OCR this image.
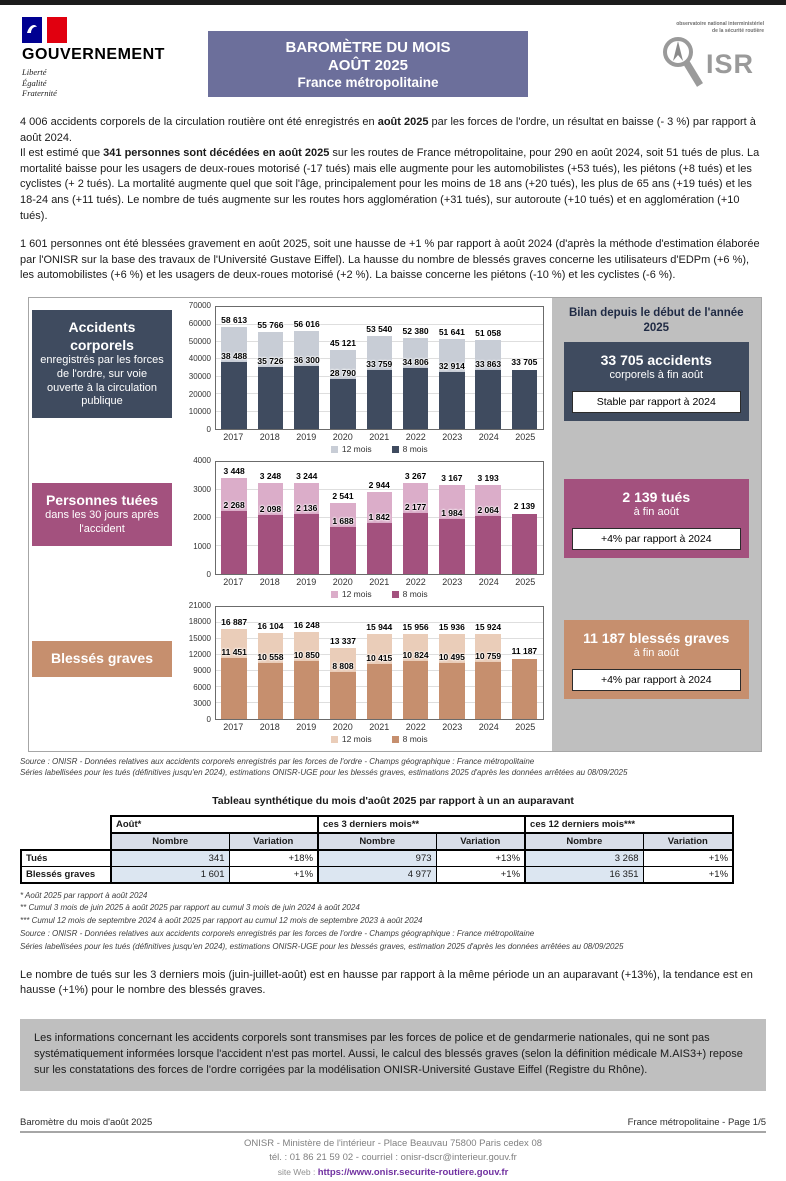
GOUVERNEMENT
Liberté
Égalité
Fraternité
BAROMÈTRE DU MOIS
AOÛT 2025
France métropolitaine
observatoire national interministériel
de la sécurité routière
ISR

4 006 accidents corporels de la circulation routière ont été enregistrés en août 2025 par les forces de l'ordre, un résultat en baisse (- 3 %) par rapport à août 2024.

Il est estimé que 341 personnes sont décédées en août 2025 sur les routes de France métropolitaine, pour 290 en août 2024, soit 51 tués de plus. La mortalité baisse pour les usagers de deux-roues motorisé (-17 tués) mais elle augmente pour les automobilistes (+53 tués), les piétons (+8 tués) et les cyclistes (+ 2 tués). La mortalité augmente quel que soit l'âge, principalement pour les moins de 18 ans (+20 tués), les plus de 65 ans (+19 tués) et les 18-24 ans (+11 tués). Le nombre de tués augmente sur les routes hors agglomération (+31 tués), sur autoroute (+10 tués) et en agglomération (+10 tués).

1 601 personnes ont été blessées gravement en août 2025, soit une hausse de +1 % par rapport à août 2024 (d'après la méthode d'estimation élaborée par l'ONISR sur la base des travaux de l'Université Gustave Eiffel). La hausse du nombre de blessés graves concerne les utilisateurs d'EDPm (+6 %), les automobilistes (+6 %) et les usagers de deux-roues motorisé (+2 %). La baisse concerne les piétons (-10 %) et les cyclistes (-6 %).

Accidents corporels
enregistrés par les forces de l'ordre, sur voie ouverte à la circulation publique
0
10000
20000
30000
40000
50000
60000
70000
58 613
38 488
55 766
35 726
56 016
36 300
45 121
28 790
53 540
33 759
52 380
34 806
51 641
32 914
51 058
33 863 33 705
2017	2018	2019	2020	2021	2022	2023	2024	2025
12 mois	8 mois
Personnes tuées
dans les 30 jours après l'accident
0
1000
2000
3000
4000
3 448
2 268
3 248
2 098
3 244
2 136
2 541
1 688
2 944
1 842
3 267
2 177
3 167
1 984
3 193
2 064 2 139
2017	2018	2019	2020	2021	2022	2023	2024	2025
12 mois	8 mois
Blessés graves
0
3000
6000
9000
12000
15000
18000
21000
16 887
11 451
16 104
10 558
16 248
10 850
13 337
8 808
15 944
10 415
15 956
10 824
15 936
10 495
15 924
10 759 11 187
2017	2018	2019	2020	2021	2022	2023	2024	2025
12 mois	8 mois
Bilan depuis le début de l'année 2025
33 705 accidents
corporels à fin août
Stable par rapport à 2024
2 139 tués
à fin août
+4% par rapport à 2024
11 187 blessés graves
à fin août
+4% par rapport à 2024
Source : ONISR - Données relatives aux accidents corporels enregistrés par les forces de l'ordre - Champs géographique : France métropolitaine
Séries labellisées pour les tués (définitives jusqu'en 2024), estimations ONISR-UGE pour les blessés graves, estimations 2025 d'après les données arrêtées au 08/09/2025
Tableau synthétique du mois d'août 2025 par rapport à un an auparavant
	Août*		ces 3 derniers mois**		ces 12 derniers mois***	
	Nombre	Variation	Nombre	Variation	Nombre	Variation
Tués	341	+18%	973	+13%	3 268	+1%
Blessés graves	1 601	+1%	4 977	+1%	16 351	+1%
* Août 2025 par rapport à août 2024
** Cumul 3 mois de juin 2025 à août 2025 par rapport au cumul 3 mois de juin 2024 à août 2024
*** Cumul 12 mois de septembre 2024 à août 2025 par rapport au cumul 12 mois de septembre 2023 à août 2024
Source : ONISR - Données relatives aux accidents corporels enregistrés par les forces de l'ordre - Champs géographique : France métropolitaine
Séries labellisées pour les tués (définitives jusqu'en 2024), estimations ONISR-UGE pour les blessés graves, estimation 2025 d'après les données arrêtées au 08/09/2025

Le nombre de tués sur les 3 derniers mois (juin-juillet-août) est en hausse par rapport à la même période un an auparavant (+13%), la tendance est en hausse (+1%) pour le nombre des blessés graves.

Les informations concernant les accidents corporels sont transmises par les forces de police et de gendarmerie nationales, qui ne sont pas systématiquement informées lorsque l'accident n'est pas mortel. Aussi, le calcul des blessés graves (selon la définition médicale M.AIS3+) repose sur les constatations des forces de l'ordre corrigées par la modélisation ONISR-Université Gustave Eiffel (Registre du Rhône).
Baromètre du mois d'août 2025	France métropolitaine - Page 1/5
ONISR - Ministère de l'intérieur - Place Beauvau 75800 Paris cedex 08
tél. : 01 86 21 59 02 - courriel : onisr-dscr@interieur.gouv.fr
site Web : https://www.onisr.securite-routiere.gouv.fr
